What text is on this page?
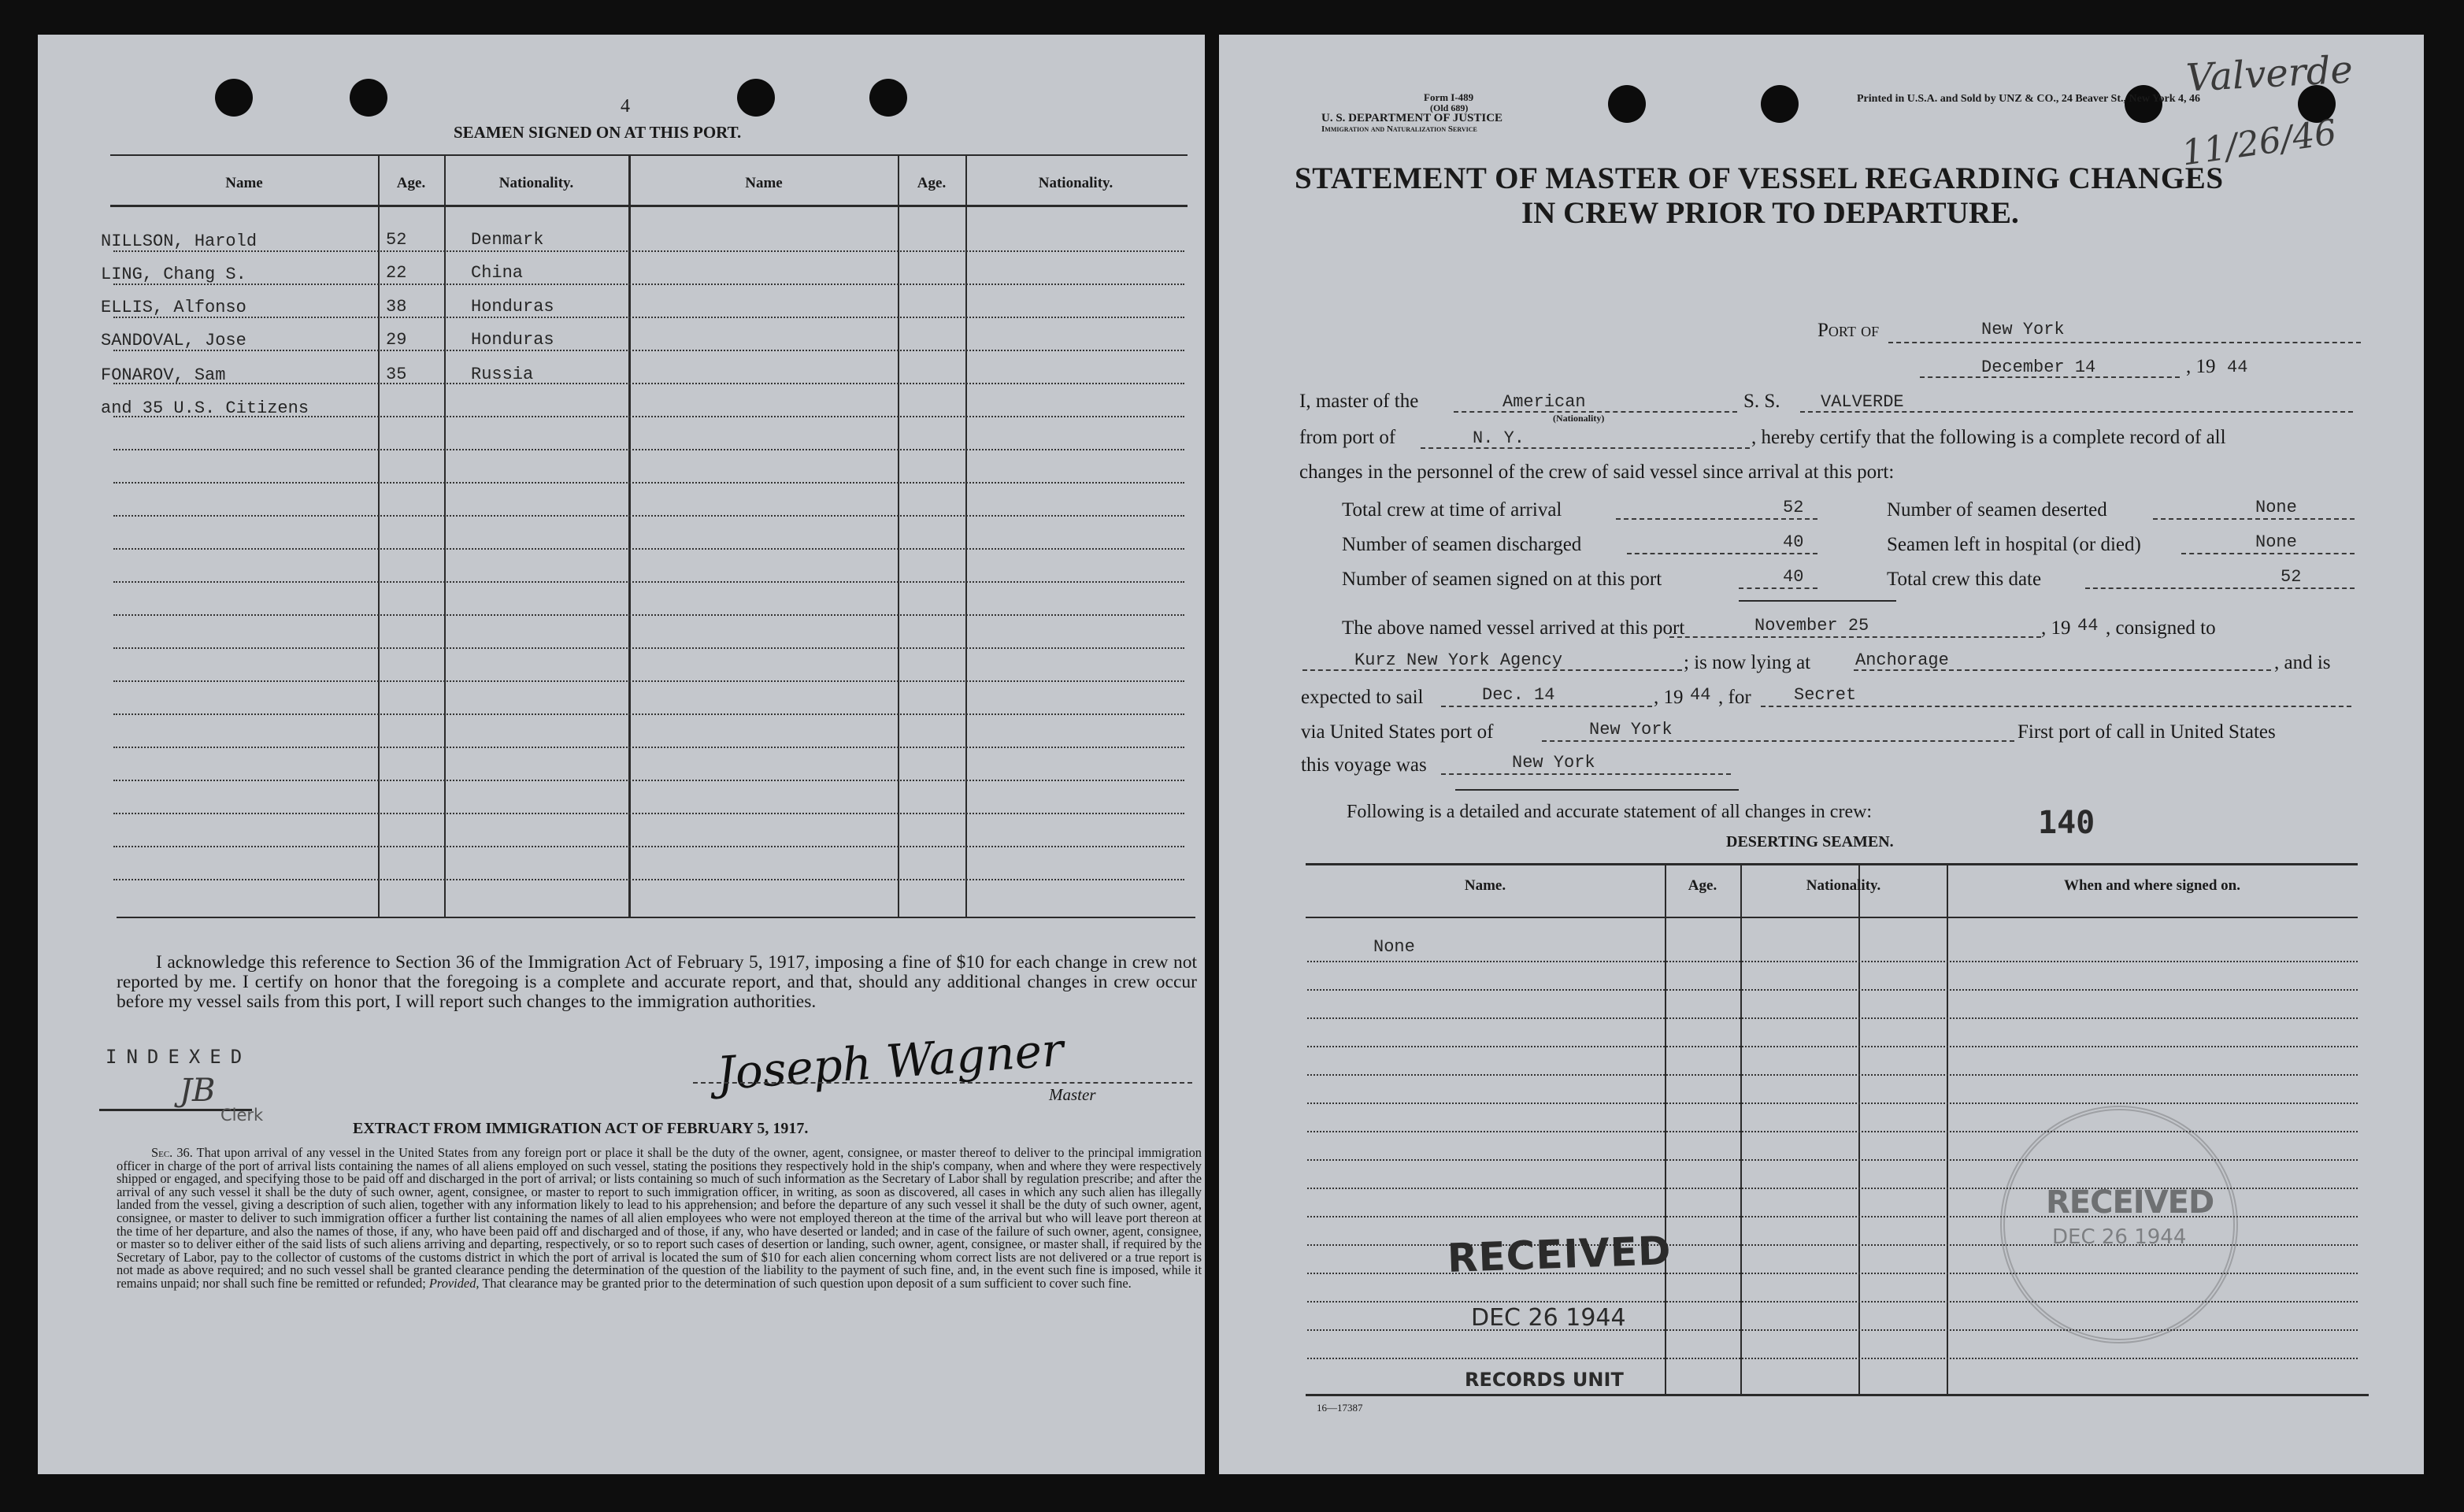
4
SEAMEN SIGNED ON AT THIS PORT.
Name	Age.	Nationality.	Name	Age.	Nationality.
NILLSON, Harold	52	Denmark
LING, Chang S.	22	China
ELLIS, Alfonso	38	Honduras
SANDOVAL, Jose	29	Honduras
FONAROV, Sam	35	Russia
and 35 U.S. Citizens
I acknowledge this reference to Section 36 of the Immigration Act of February 5, 1917, imposing a fine of $10 for each change in crew not reported by me. I certify on honor that the foregoing is a complete and accurate report, and that, should any additional changes in crew occur before my vessel sails from this port, I will report such changes to the immigration authorities.
INDEXED
JB
Clerk
Joseph Wagner
Master
EXTRACT FROM IMMIGRATION ACT OF FEBRUARY 5, 1917.
Sec. 36. That upon arrival of any vessel in the United States from any foreign port or place it shall be the duty of the owner, agent, consignee, or master thereof to deliver to the principal immigration officer in charge of the port of arrival lists containing the names of all aliens employed on such vessel, stating the positions they respectively hold in the ship's company, when and where they were respectively shipped or engaged, and specifying those to be paid off and discharged in the port of arrival; or lists containing so much of such information as the Secretary of Labor shall by regulation prescribe; and after the arrival of any such vessel it shall be the duty of such owner, agent, consignee, or master to report to such immigration officer, in writing, as soon as discovered, all cases in which any such alien has illegally landed from the vessel, giving a description of such alien, together with any information likely to lead to his apprehension; and before the departure of any such vessel it shall be the duty of such owner, agent, consignee, or master to deliver to such immigration officer a further list containing the names of all alien employees who were not employed thereon at the time of the arrival but who will leave port thereon at the time of her departure, and also the names of those, if any, who have been paid off and discharged and of those, if any, who have deserted or landed; and in case of the failure of such owner, agent, consignee, or master so to deliver either of the said lists of such aliens arriving and departing, respectively, or so to report such cases of desertion or landing, such owner, agent, consignee, or master shall, if required by the Secretary of Labor, pay to the collector of customs of the customs district in which the port of arrival is located the sum of $10 for each alien concerning whom correct lists are not delivered or a true report is not made as above required; and no such vessel shall be granted clearance pending the determination of the question of the liability to the payment of such fine, and, in the event such fine is imposed, while it remains unpaid; nor shall such fine be remitted or refunded; Provided, That clearance may be granted prior to the determination of such question upon deposit of a sum sufficient to cover such fine.
Form I-489
(Old 689)
U. S. DEPARTMENT OF JUSTICE
Immigration and Naturalization Service
Printed in U.S.A. and Sold by UNZ & CO., 24 Beaver St., New York 4, 46
Valverde
11/26/46
STATEMENT OF MASTER OF VESSEL REGARDING CHANGES
IN CREW PRIOR TO DEPARTURE.
Port of	New York
December 14	, 19 44
I, master of the	American
(Nationality)
S. S. VALVERDE
from port of	N. Y.	, hereby certify that the following is a complete record of all
changes in the personnel of the crew of said vessel since arrival at this port:
Total crew at time of arrival	52
Number of seamen discharged	40
Number of seamen signed on at this port	40
Number of seamen deserted	None
Seamen left in hospital (or died)	None
Total crew this date	52
The above named vessel arrived at this port	November 25	, 19 44 , consigned to
Kurz New York Agency	; is now lying at	Anchorage	, and is
expected to sail	Dec. 14	, 19 44 , for Secret
via United States port of	New York	First port of call in United States
this voyage was	New York
Following is a detailed and accurate statement of all changes in crew:	140
DESERTING SEAMEN.
Name.	Age.	Nationality.	When and where signed on.
None
RECEIVED
DEC 26 1944
RECEIVED
DEC 26 1944
RECORDS UNIT
16—17387
